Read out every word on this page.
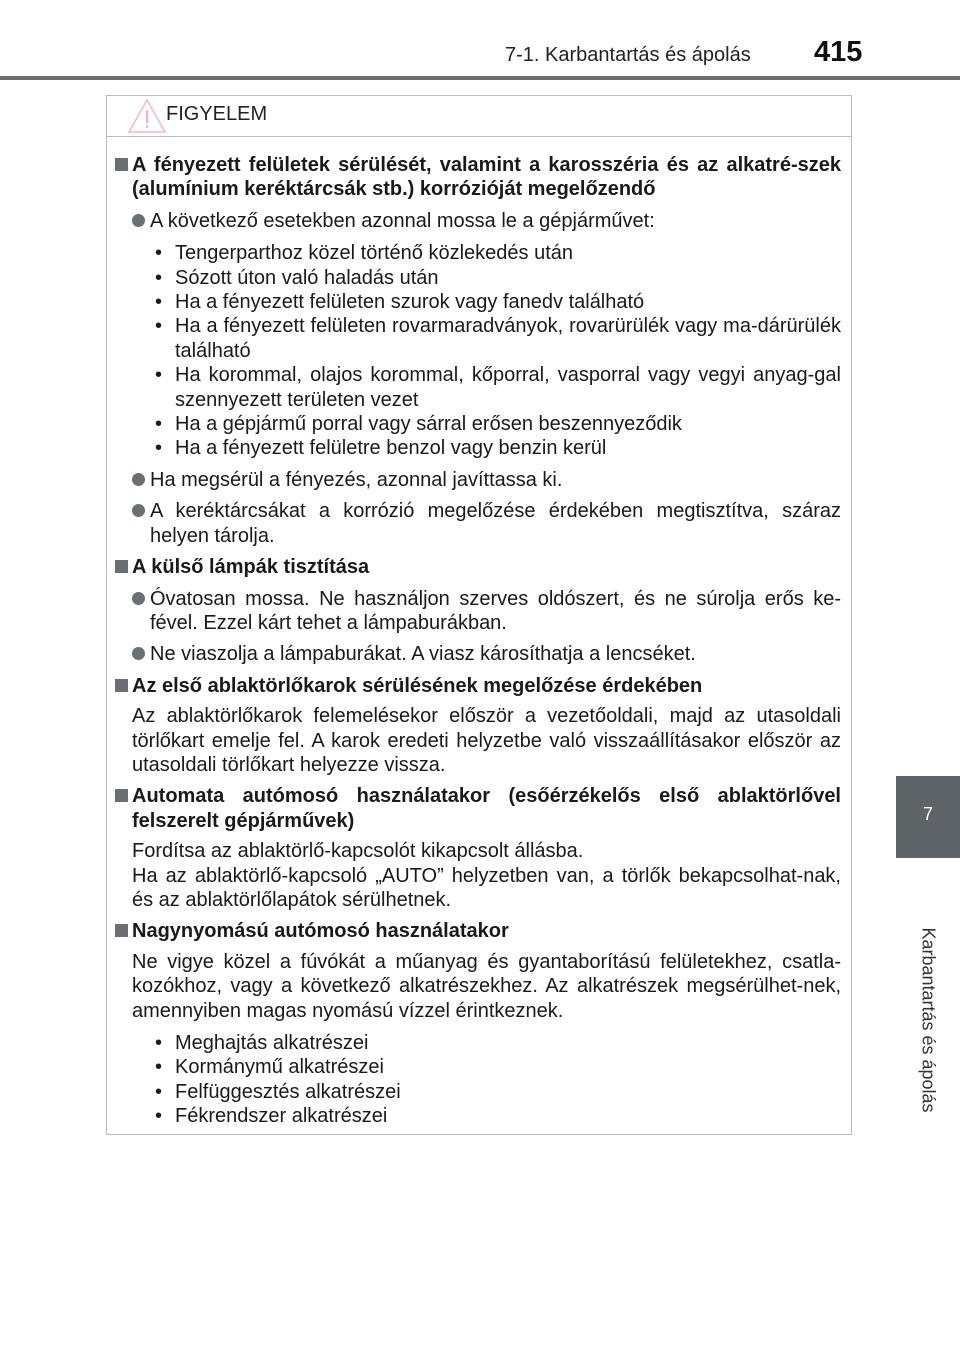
7-1. Karbantartás és ápolás	415
7
Karbantartás és ápolás
FIGYELEM
A fényezett felületek sérülését, valamint a karosszéria és az alkatré-szek (alumínium keréktárcsák stb.) korrózióját megelőzendő
A következő esetekben azonnal mossa le a gépjárművet:
• Tengerparthoz közel történő közlekedés után
• Sózott úton való haladás után
• Ha a fényezett felületen szurok vagy fanedv található
• Ha a fényezett felületen rovarmaradványok, rovarürülék vagy ma-dárürülék található
• Ha korommal, olajos korommal, kőporral, vasporral vagy vegyi anyag-gal szennyezett területen vezet
• Ha a gépjármű porral vagy sárral erősen beszennyeződik
• Ha a fényezett felületre benzol vagy benzin kerül
Ha megsérül a fényezés, azonnal javíttassa ki.
A keréktárcsákat a korrózió megelőzése érdekében megtisztítva, száraz helyen tárolja.
A külső lámpák tisztítása
Óvatosan mossa. Ne használjon szerves oldószert, és ne súrolja erős ke-fével. Ezzel kárt tehet a lámpaburákban.
Ne viaszolja a lámpaburákat. A viasz károsíthatja a lencséket.
Az első ablaktörlőkarok sérülésének megelőzése érdekében
Az ablaktörlőkarok felemelésekor először a vezetőoldali, majd az utasoldali törlőkart emelje fel. A karok eredeti helyzetbe való visszaállításakor először az utasoldali törlőkart helyezze vissza.
Automata autómosó használatakor (esőérzékelős első ablaktörlővel felszerelt gépjárművek)
Fordítsa az ablaktörlő-kapcsolót kikapcsolt állásba.
Ha az ablaktörlő-kapcsoló „AUTO” helyzetben van, a törlők bekapcsolhat-nak, és az ablaktörlőlapátok sérülhetnek.
Nagynyomású autómosó használatakor
Ne vigye közel a fúvókát a műanyag és gyantaborítású felületekhez, csatla-kozókhoz, vagy a következő alkatrészekhez. Az alkatrészek megsérülhet-nek, amennyiben magas nyomású vízzel érintkeznek.
• Meghajtás alkatrészei
• Kormánymű alkatrészei
• Felfüggesztés alkatrészei
• Fékrendszer alkatrészei
